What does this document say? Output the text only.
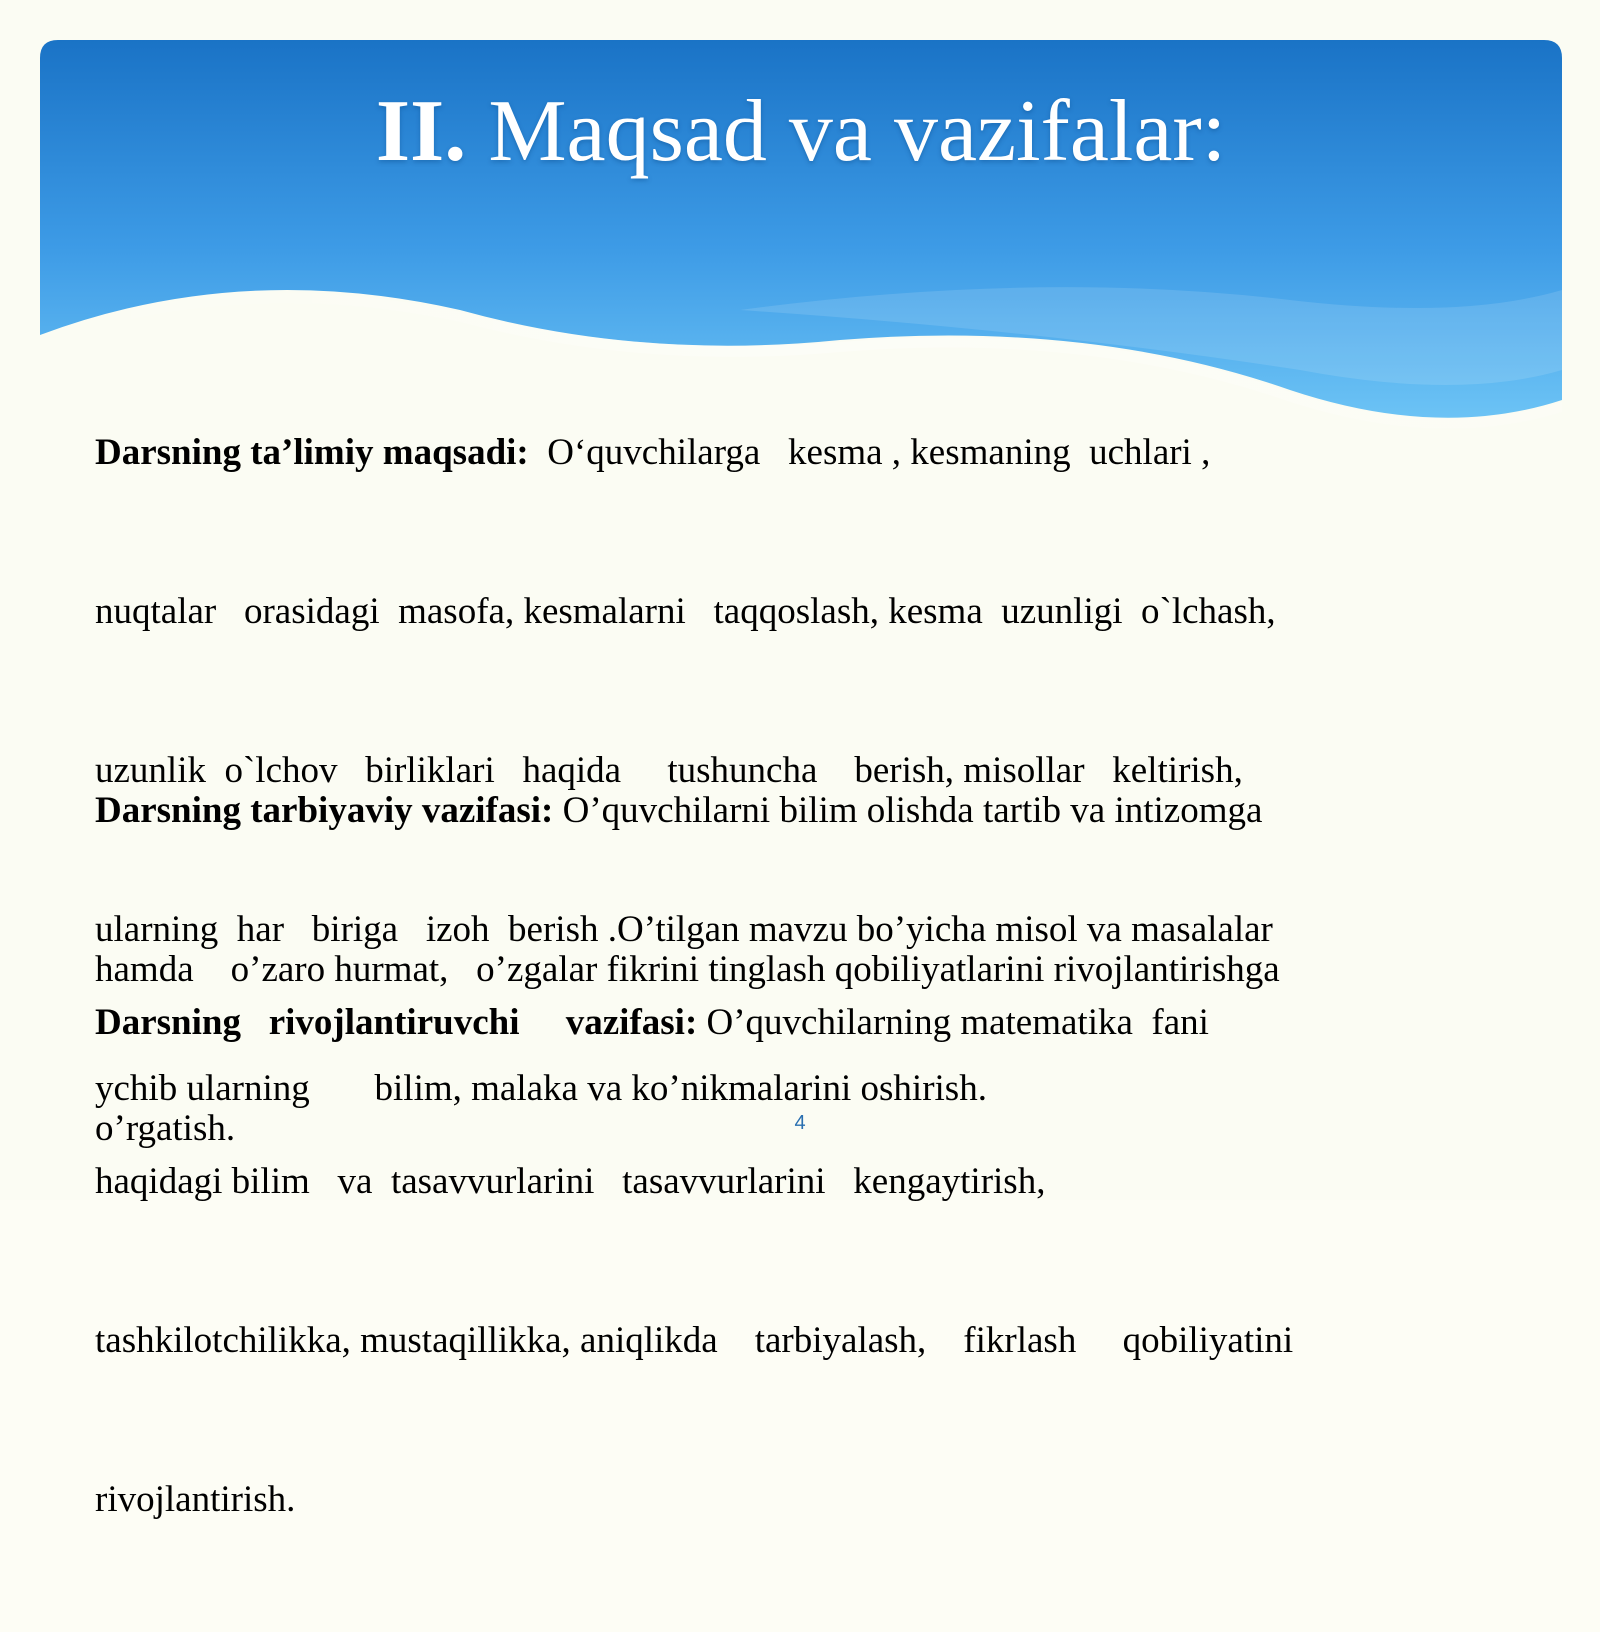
II. Maqsad va vazifalar:

Darsning ta’limiy maqsadi:  O‘quvchilarga   kesma , kesmaning  uchlari ,

nuqtalar   orasidagi  masofa, kesmalarni   taqqoslash, kesma  uzunligi  o`lchash,

uzunlik  o`lchov   birliklari   haqida     tushuncha    berish, misollar   keltirish,

ularning  har   biriga   izoh  berish .O’tilgan mavzu bo’yicha misol va masalalar

ychib ularning       bilim, malaka va ko’nikmalarini oshirish.

Darsning tarbiyaviy vazifasi: O’quvchilarni bilim olishda tartib va intizomga

hamda    o’zaro hurmat,   o’zgalar fikrini tinglash qobiliyatlarini rivojlantirishga

o’rgatish.

Darsning   rivojlantiruvchi     vazifasi: O’quvchilarning matematika  fani

haqidagi bilim   va  tasavvurlarini   tasavvurlarini   kengaytirish,

tashkilotchilikka, mustaqillikka, aniqlikda    tarbiyalash,    fikrlash     qobiliyatini

rivojlantirish.

4
